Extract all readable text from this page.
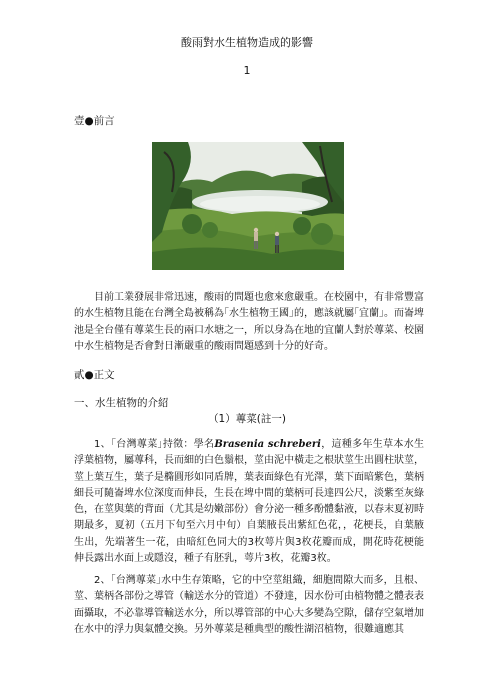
酸雨對水生植物造成的影響
1
壹●前言
目前工業發展非常迅速，酸雨的問題也愈來愈嚴重。在校園中，有非常豐富的水生植物且能在台灣全島被稱為｢水生植物王國｣的，應該就屬｢宜蘭｣。而崙埤池是全台僅有蓴菜生長的兩口水塘之一，所以身為在地的宜蘭人對於蓴菜、校園中水生植物是否會對日漸嚴重的酸雨問題感到十分的好奇。
貳●正文
一、水生植物的介紹
（1）蓴菜(註一)
1、｢台灣蓴菜｣持徵：學名Brasenia schreberi，這種多年生草本水生浮葉植物，屬蓴科，長而細的白色鬚根，莖由泥中橫走之根狀莖生出圓柱狀莖，莖上葉互生，葉子是橢圓形如同盾牌，葉表面綠色有光澤，葉下面暗紫色，葉柄細長可隨崙埤水位深度而伸長，生長在埤中間的葉柄可長達四公尺，淡紫至灰綠色，在莖與葉的背面（尤其是幼嫩部份）會分泌一種多酚體黏液，以春末夏初時期最多，夏初（五月下旬至六月中旬）自葉腋長出紫紅色花，，花梗長，自葉腋生出，先端著生一花，由暗紅色同大的3枚萼片與3枚花瓣而成，開花時花梗能伸長露出水面上或隱沒，種子有胚乳，萼片3枚，花瓣3枚。
2、｢台灣蓴菜｣水中生存策略，它的中空莖組織，細胞間隙大而多，且根、莖、葉柄各部份之導管（輸送水分的管道）不發達，因水份可由植物體之體表表面攝取，不必靠導管輸送水分，所以導管部的中心大多變為空隙，儲存空氣增加在水中的浮力與氣體交換。另外蓴菜是種典型的酸性湖沼植物，很難適應其
